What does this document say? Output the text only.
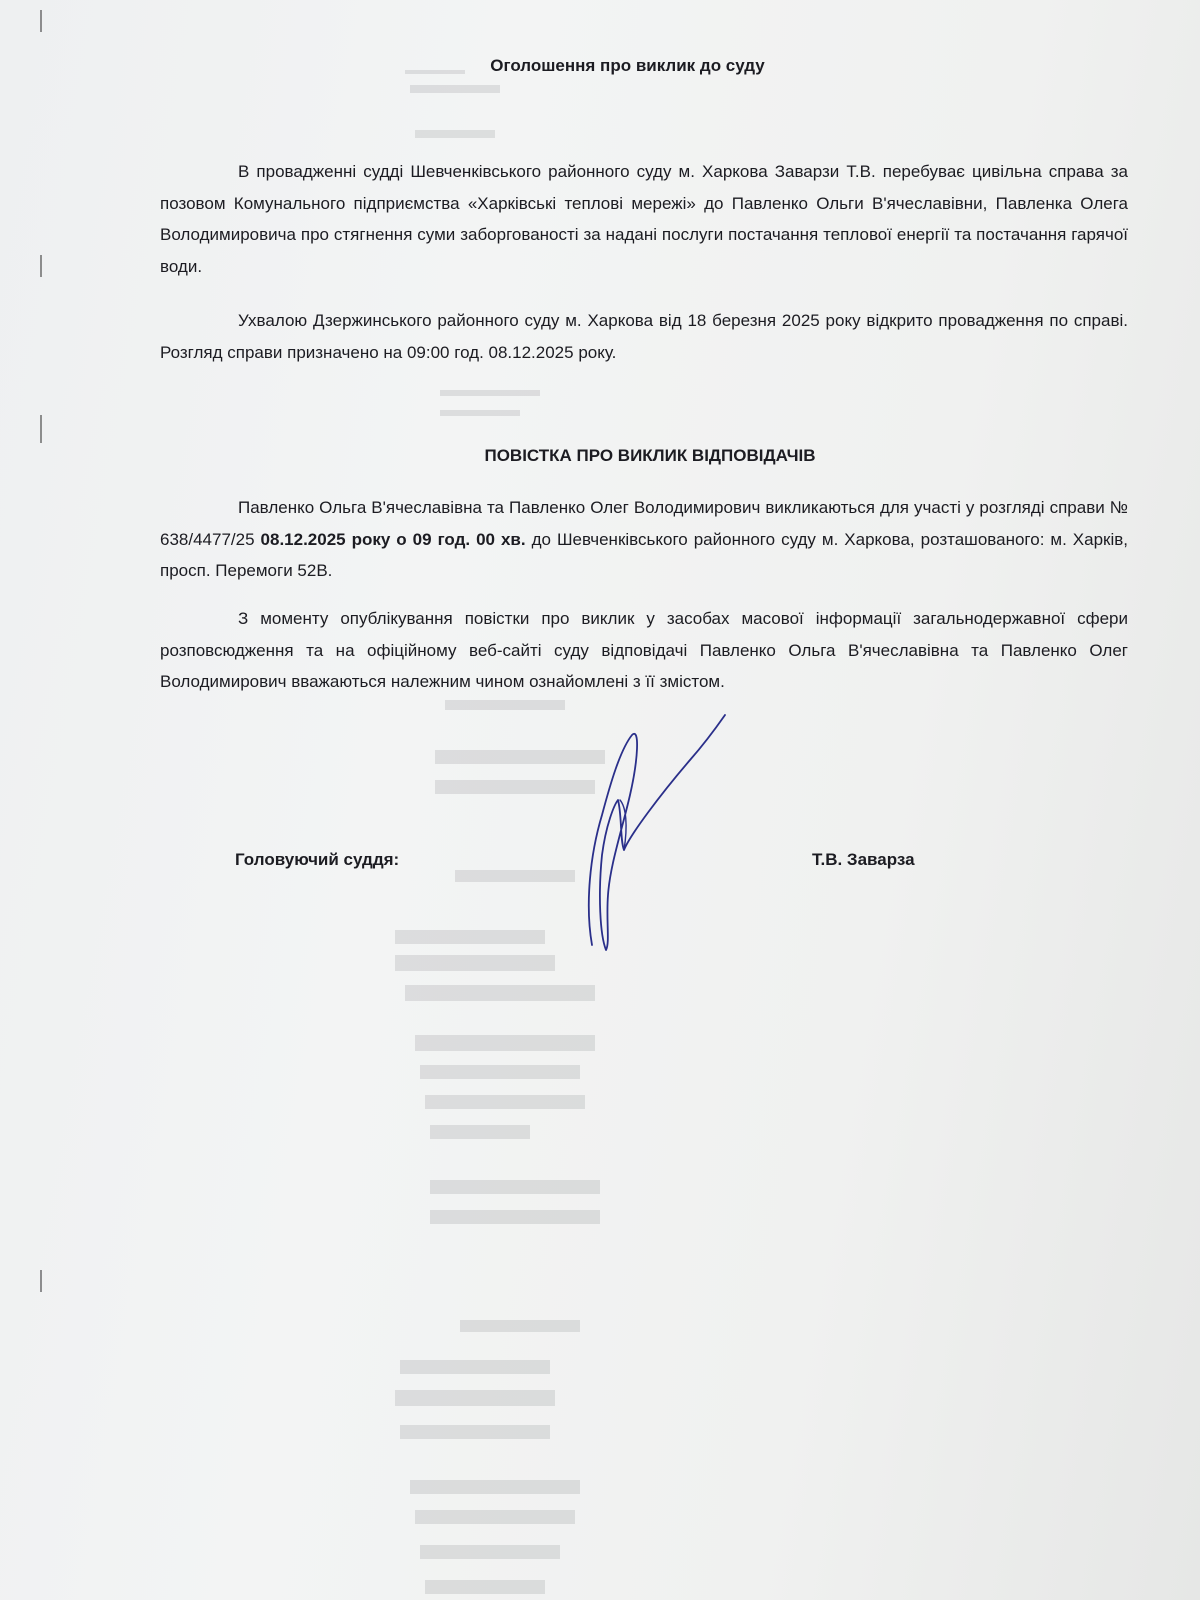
Оголошення про виклик до суду

В провадженні судді Шевченківського районного суду м. Харкова Заварзи Т.В. перебуває цивільна справа за позовом Комунального підприємства «Харківські теплові мережі» до Павленко Ольги В'ячеславівни, Павленка Олега Володимировича про стягнення суми заборгованості за надані послуги постачання теплової енергії та постачання гарячої води.

Ухвалою Дзержинського районного суду м. Харкова від 18 березня 2025 року відкрито провадження по справі. Розгляд справи призначено на 09:00 год. 08.12.2025 року.

ПОВІСТКА ПРО ВИКЛИК ВІДПОВІДАЧІВ

Павленко Ольга В'ячеславівна та Павленко Олег Володимирович викликаються для участі у розгляді справи № 638/4477/25 08.12.2025 року о 09 год. 00 хв. до Шевченківського районного суду м. Харкова, розташованого: м. Харків, просп. Перемоги 52В.

З моменту опублікування повістки про виклик у засобах масової інформації загальнодержавної сфери розповсюдження та на офіційному веб-сайті суду відповідачі Павленко Ольга В'ячеславівна та Павленко Олег Володимирович вважаються належним чином ознайомлені з її змістом.

Головуючий суддя:	Т.В. Заварза
